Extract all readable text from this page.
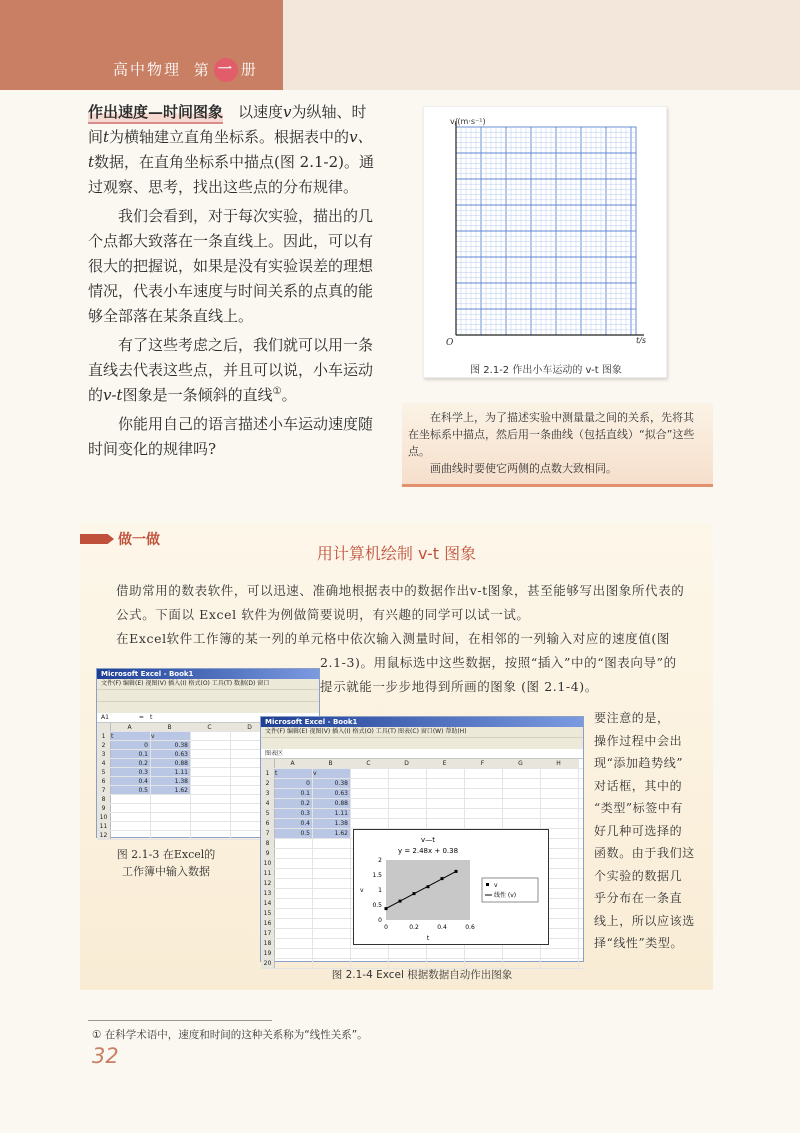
高中物理 第 一 册

作出速度—时间图象　以速度v为纵轴、时间t为横轴建立直角坐标系。根据表中的v、t数据，在直角坐标系中描点(图 2.1-2)。通过观察、思考，找出这些点的分布规律。

我们会看到，对于每次实验，描出的几个点都大致落在一条直线上。因此，可以有很大的把握说，如果是没有实验误差的理想情况，代表小车速度与时间关系的点真的能够全部落在某条直线上。

有了这些考虑之后，我们就可以用一条直线去代表这些点，并且可以说，小车运动的v-t图象是一条倾斜的直线①。

你能用自己的语言描述小车运动速度随时间变化的规律吗?

v/(m·s⁻¹)
t/s
O
图 2.1-2 作出小车运动的 v-t 图象

在科学上，为了描述实验中测量量之间的关系，先将其在坐标系中描点，然后用一条曲线（包括直线）“拟合”这些点。

画曲线时要使它两侧的点数大致相同。

做一做
用计算机绘制 v-t 图象
借助常用的数表软件，可以迅速、准确地根据表中的数据作出v-t图象，甚至能够写出图象所代表的公式。下面以 Excel 软件为例做简要说明，有兴趣的同学可以试一试。
在Excel软件工作簿的某一列的单元格中依次输入测量时间，在相邻的一列输入对应的速度值(图
2.1-3)。用鼠标选中这些数据，按照“插入”中的“图表向导”的
提示就能一步步地得到所画的图象 (图 2.1-4)。
要注意的是，
操作过程中会出
现“添加趋势线”
对话框，其中的
“类型”标签中有
好几种可选择的
函数。由于我们这
个实验的数据几
乎分布在一条直
线上，所以应该选
择“线性”类型。
Microsoft Excel - Book1
文件(F) 编辑(E) 视图(V) 插入(I) 格式(O) 工具(T) 数据(D) 窗口
A1　　　　　=　t
A	B	C	D
1 t	v
2	0	0.38
3	0.1	0.63
4	0.2	0.88
5	0.3	1.11
6	0.4	1.38
7	0.5	1.62
8
9
10
11
12
图 2.1-3 在Excel的
工作簿中输入数据
Microsoft Excel - Book1
文件(F) 编辑(E) 视图(V) 插入(I) 格式(O) 工具(T) 图表(C) 窗口(W) 帮助(H)
图表区
A	B	C	D	E	F	G	H
1 t	v
2	0	0.38
3	0.1	0.63
4	0.2	0.88
5	0.3	1.11
6	0.4	1.38
7	0.5	1.62
8
9
10
11
12
13
14
15
16
17
18
19
20
v—t
y = 2.48x + 0.38
0
0.5
1
1.5
2
0	0.2	0.4	0.6
t
v
v
线性 (v)
图 2.1-4 Excel 根据数据自动作出图象
① 在科学术语中，速度和时间的这种关系称为“线性关系”。
32
